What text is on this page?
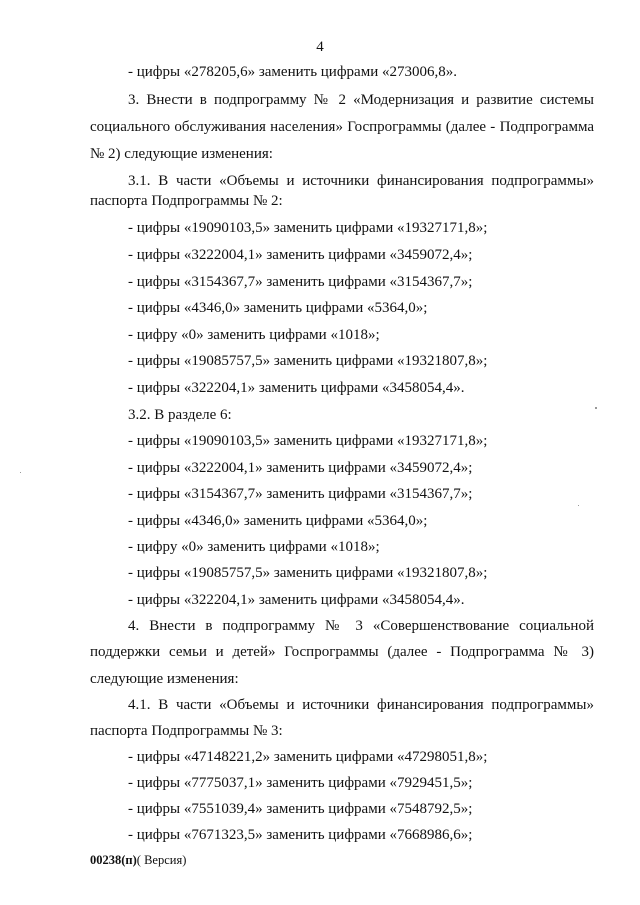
4
- цифры «278205,6» заменить цифрами «273006,8».
3. Внести в подпрограмму № 2 «Модернизация и развитие системы
социального обслуживания населения» Госпрограммы (далее - Подпрограмма
№ 2) следующие изменения:
3.1. В части «Объемы и источники финансирования подпрограммы»
паспорта Подпрограммы № 2:
- цифры «19090103,5» заменить цифрами «19327171,8»;
- цифры «3222004,1» заменить цифрами «3459072,4»;
- цифры «3154367,7» заменить цифрами «3154367,7»;
- цифры «4346,0» заменить цифрами «5364,0»;
- цифру «0» заменить цифрами «1018»;
- цифры «19085757,5» заменить цифрами «19321807,8»;
- цифры «322204,1» заменить цифрами «3458054,4».
3.2. В разделе 6:
- цифры «19090103,5» заменить цифрами «19327171,8»;
- цифры «3222004,1» заменить цифрами «3459072,4»;
- цифры «3154367,7» заменить цифрами «3154367,7»;
- цифры «4346,0» заменить цифрами «5364,0»;
- цифру «0» заменить цифрами «1018»;
- цифры «19085757,5» заменить цифрами «19321807,8»;
- цифры «322204,1» заменить цифрами «3458054,4».
4. Внести в подпрограмму № 3 «Совершенствование социальной
поддержки семьи и детей» Госпрограммы (далее - Подпрограмма № 3)
следующие изменения:
4.1. В части «Объемы и источники финансирования подпрограммы»
паспорта Подпрограммы № 3:
- цифры «47148221,2» заменить цифрами «47298051,8»;
- цифры «7775037,1» заменить цифрами «7929451,5»;
- цифры «7551039,4» заменить цифрами «7548792,5»;
- цифры «7671323,5» заменить цифрами «7668986,6»;
00238(п)( Версия)
